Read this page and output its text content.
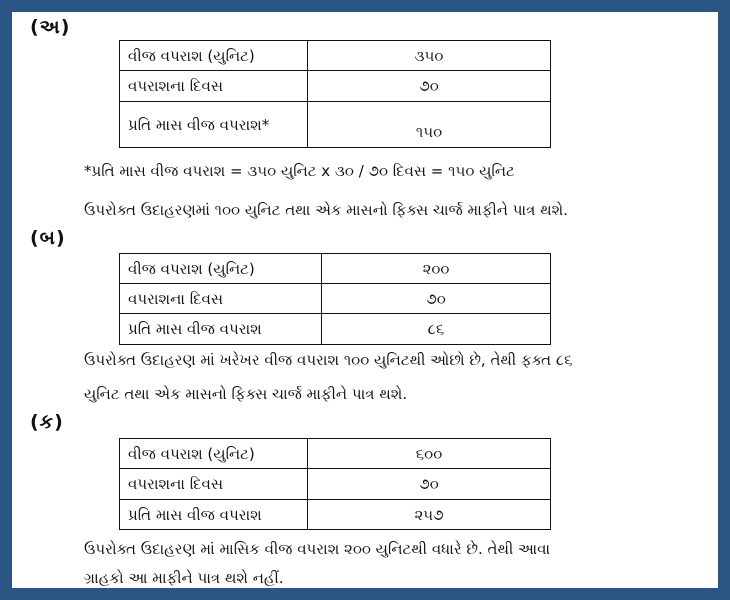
(અ)
વીજ વપરાશ (યુનિટ)	૩૫૦
વપરાશના દિવસ	૭૦
પ્રતિ માસ વીજ વપરાશ*	૧૫૦
*પ્રતિ માસ વીજ વપરાશ = ૩૫૦ યુનિટ x ૩૦ / ૭૦ દિવસ = ૧૫૦ યુનિટ
ઉપરોક્ત ઉદાહરણમાં ૧૦૦ યુનિટ તથા એક માસનો ફિક્સ ચાર્જ માફીને પાત્ર થશે.
(બ)
વીજ વપરાશ (યુનિટ)	૨૦૦
વપરાશના દિવસ	૭૦
પ્રતિ માસ વીજ વપરાશ	૮૬
ઉપરોક્ત ઉદાહરણ માં ખરેખર વીજ વપરાશ ૧૦૦ યુનિટથી ઓછો છે, તેથી ફક્ત ૮૬
યુનિટ તથા એક માસનો ફિક્સ ચાર્જ માફીને પાત્ર થશે.
(ક)
વીજ વપરાશ (યુનિટ)	૬૦૦
વપરાશના દિવસ	૭૦
પ્રતિ માસ વીજ વપરાશ	૨૫૭
ઉપરોક્ત ઉદાહરણ માં માસિક વીજ વપરાશ ૨૦૦ યુનિટથી વધારે છે. તેથી આવા
ગ્રાહકો આ માફીને પાત્ર થશે નહીં.
